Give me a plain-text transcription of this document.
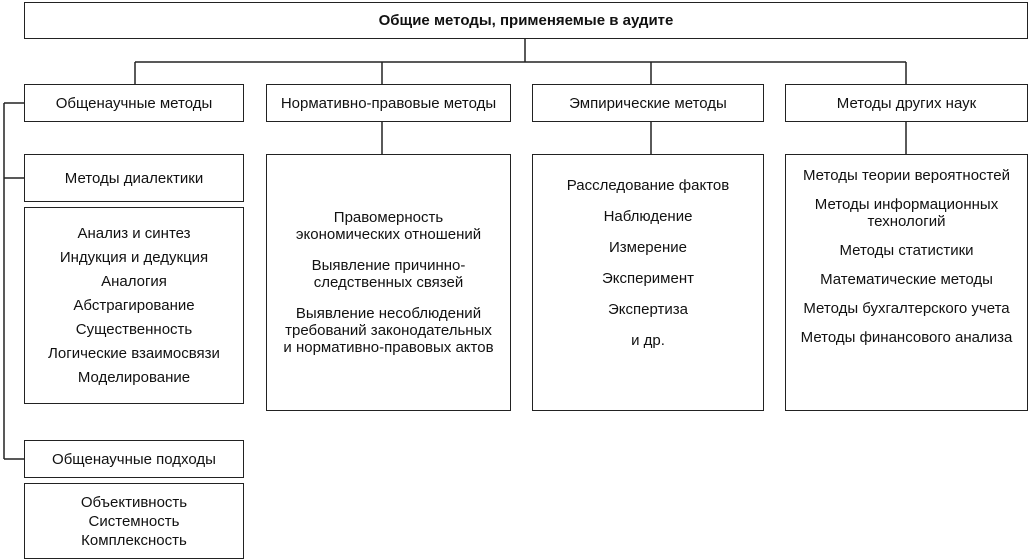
Общие методы, применяемые в аудите
Общенаучные методы	Нормативно-правовые методы	Эмпирические методы	Методы других наук
Методы диалектики
Анализ и синтез
Индукция и дедукция
Аналогия
Абстрагирование
Существенность
Логические взаимосвязи
Моделирование
Общенаучные подходы
Объективность
Системность
Комплексность
Правомерность экономических отношений
Выявление причинно-следственных связей
Выявление несоблюдений требований законодательных и нормативно-правовых актов
Расследование фактов
Наблюдение
Измерение
Эксперимент
Экспертиза
и др.
Методы теории вероятностей
Методы информационных технологий
Методы статистики
Математические методы
Методы бухгалтерского учета
Методы финансового анализа
